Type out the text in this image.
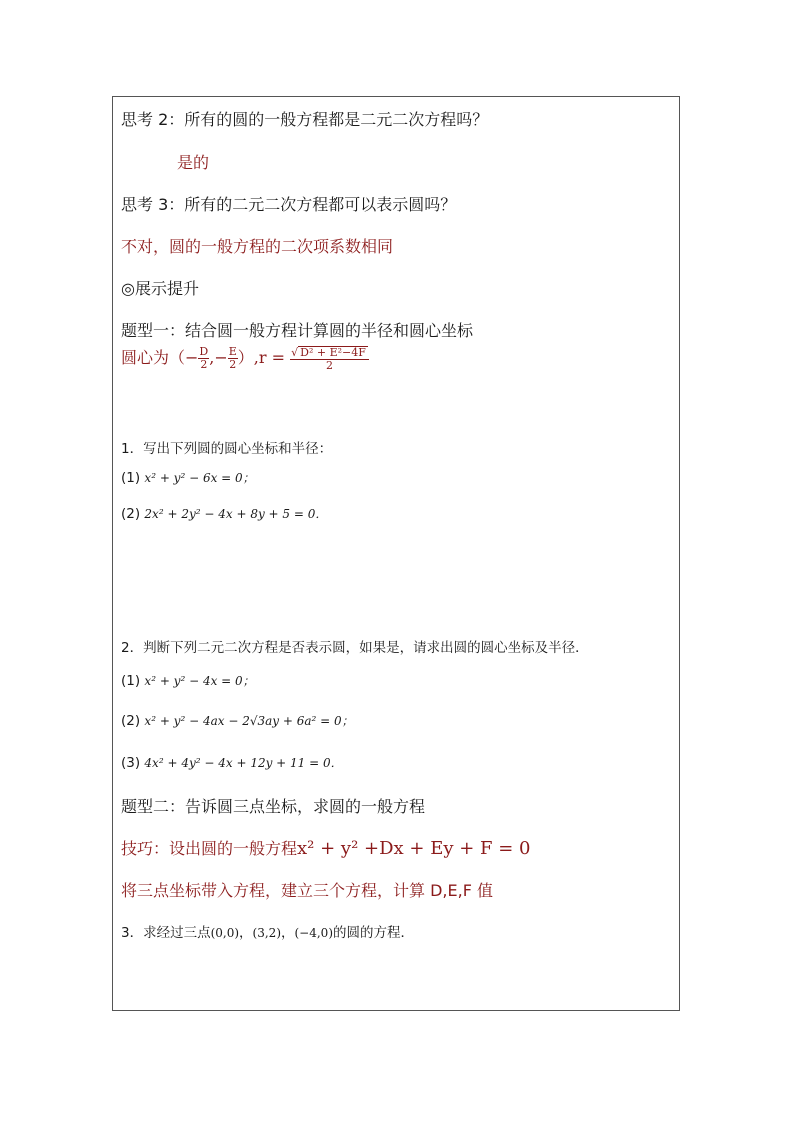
思考 2：所有的圆的一般方程都是二元二次方程吗？
是的
思考 3：所有的二元二次方程都可以表示圆吗？
不对，圆的一般方程的二次项系数相同
◎展示提升
题型一：结合圆一般方程计算圆的半径和圆心坐标
圆心为（− $\frac{D}{2}$ ,− $\frac{E}{2} ),r = \frac{\text{√ D² + E²−4F}}{2}$
1．写出下列圆的圆心坐标和半径：
(1) x² + y² − 6x = 0；
(2) 2x² + 2y² − 4x + 8y + 5 = 0．
2．判断下列二元二次方程是否表示圆，如果是，请求出圆的圆心坐标及半径．
(1) x² + y² − 4x = 0；
(2) x² + y² − 4ax − 2√3ay + 6a² = 0；
(3) 4x² + 4y² − 4x + 12y + 11 = 0．
题型二：告诉圆三点坐标，求圆的一般方程
技巧：设出圆的一般方程x² + y² +Dx + Ey + F = 0
将三点坐标带入方程，建立三个方程，计算 D,E,F 值
3．求经过三点(0,0)，(3,2)，(−4,0)的圆的方程．
